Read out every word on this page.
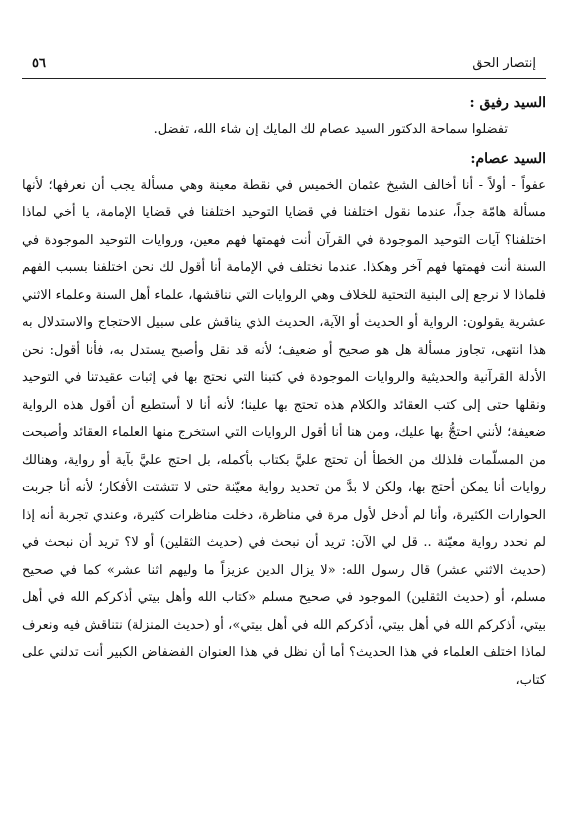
٥٦	إنتصار الحق
السيد رفيق :

تفضلوا سماحة الدكتور السيد عصام لك المايك إن شاء الله، تفضل.

السيد عصام:

عفواً - أولاً - أنا أخالف الشيخ عثمان الخميس في نقطة معينة وهي مسألة يجب أن نعرفها؛ لأنها مسألة هامّة جداً، عندما نقول اختلفنا في قضايا التوحيد اختلفنا في قضايا الإمامة، يا أخي لماذا اختلفنا؟ آيات التوحيد الموجودة في القرآن أنت فهمتها فهم معين، وروايات التوحيد الموجودة في السنة أنت فهمتها فهم آخر وهكذا. عندما نختلف في الإمامة أنا أقول لك نحن اختلفنا بسبب الفهم فلماذا لا نرجع إلى البنية التحتية للخلاف وهي الروايات التي نناقشها، علماء أهل السنة وعلماء الاثني عشرية يقولون: الرواية أو الحديث أو الآية، الحديث الذي يناقش على سبيل الاحتجاج والاستدلال به هذا انتهى، تجاوز مسألة هل هو صحيح أو ضعيف؛ لأنه قد نقل وأصبح يستدل به، فأنا أقول: نحن الأدلة القرآنية والحديثية والروايات الموجودة في كتبنا التي نحتج بها في إثبات عقيدتنا في التوحيد ونقلها حتى إلى كتب العقائد والكلام هذه تحتج بها علينا؛ لأنه أنا لا أستطيع أن أقول هذه الرواية ضعيفة؛ لأنني احتجُّ بها عليك، ومن هنا أنا أقول الروايات التي استخرج منها العلماء العقائد وأصبحت من المسلّمات فلذلك من الخطأ أن تحتج عليَّ بكتاب بأكمله، بل احتج عليَّ بآية أو رواية، وهنالك روايات أنا يمكن أحتج بها، ولكن لا بدَّ من تحديد رواية معيّنة حتى لا تتشتت الأفكار؛ لأنه أنا جربت الحوارات الكثيرة، وأنا لم أدخل لأول مرة في مناظرة، دخلت مناظرات كثيرة، وعندي تجربة أنه إذا لم نحدد رواية معيّنة .. قل لي الآن: تريد أن نبحث في (حديث الثقلين) أو لا؟ تريد أن نبحث في (حديث الاثني عشر) قال رسول الله: «لا يزال الدين عزيزاً ما وليهم اثنا عشر» كما في صحيح مسلم، أو (حديث الثقلين) الموجود في صحيح مسلم «كتاب الله وأهل بيتي أذكركم الله في أهل بيتي، أذكركم الله في أهل بيتي، أذكركم الله في أهل بيتي»، أو (حديث المنزلة) نتناقش فيه ونعرف لماذا اختلف العلماء في هذا الحديث؟ أما أن نظل في هذا العنوان الفضفاض الكبير أنت تدلني على كتاب،
